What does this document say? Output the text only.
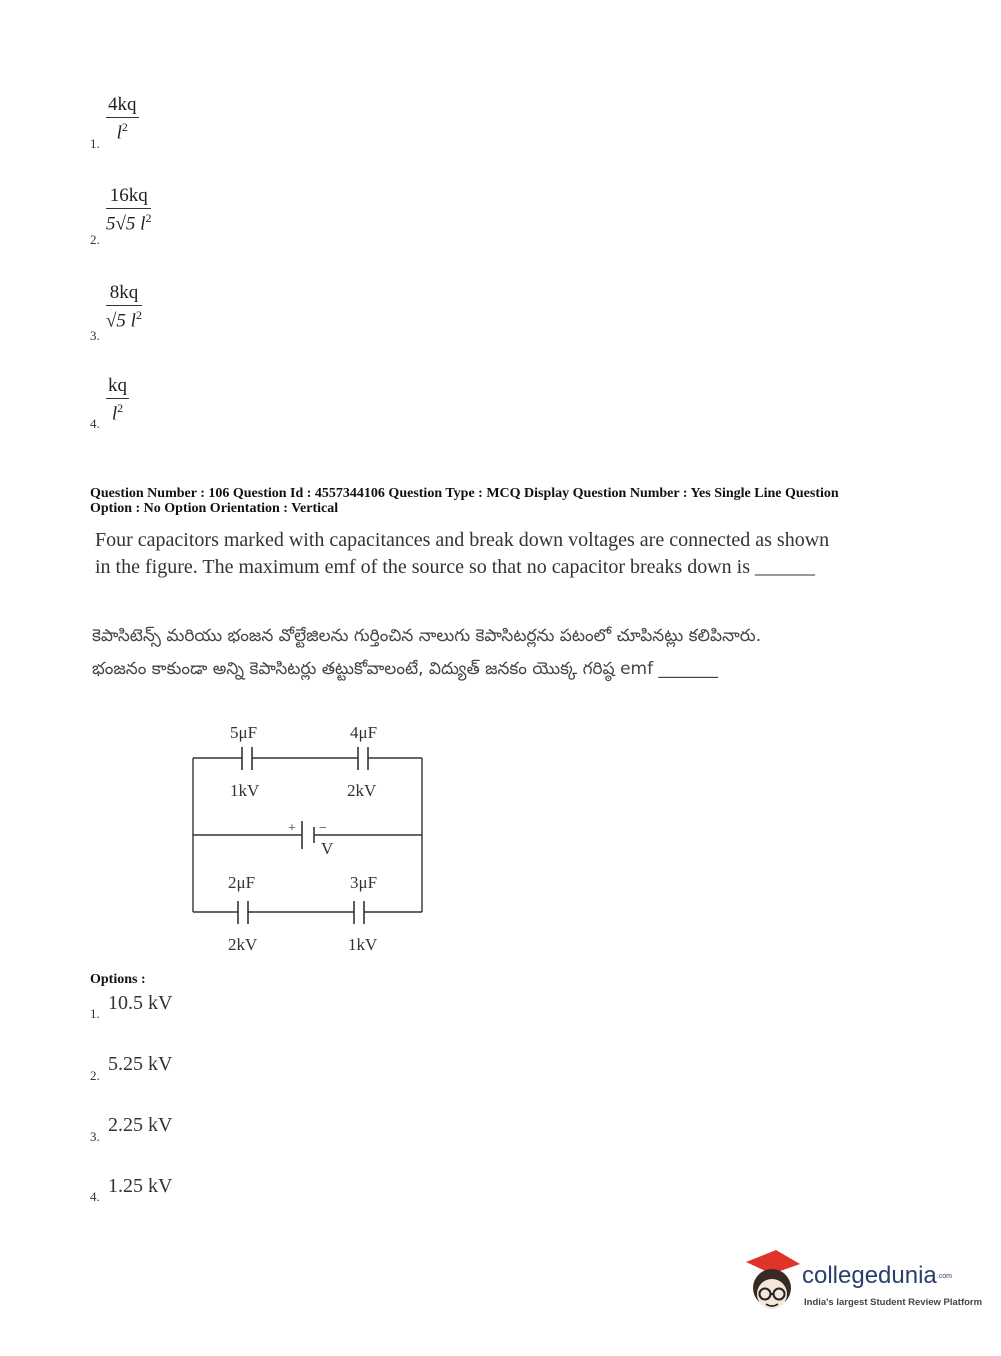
1.
$\frac{4kq}{l^2}$
2.
$\frac{16kq}{5√5 l^2}$
3.
$\frac{8kq}{√5 l^2}$
4.
$\frac{kq}{l^2}$
Question Number : 106 Question Id : 4557344106 Question Type : MCQ Display Question Number : Yes Single Line Question
Option : No Option Orientation : Vertical
Four capacitors marked with capacitances and break down voltages are connected as shown
in the figure. The maximum emf of the source so that no capacitor breaks down is ______
కెపాసిటెన్స్ మరియు భంజన వోల్టేజిలను గుర్తించిన నాలుగు కెపాసిటర్లను పటంలో చూపినట్లు కలిపినారు.
భంజనం కాకుండా అన్ని కెపాసిటర్లు తట్టుకోవాలంటే, విద్యుత్ జనకం యొక్క గరిష్ఠ emf _______
5μF
1kV
4μF
2kV
2μF
2kV
3μF
1kV
+ −
V
Options :
1. 10.5 kV
2.
5.25 kV
3.
2.25 kV
4. 1.25 kV
collegedunia.com
India's largest Student Review Platform
